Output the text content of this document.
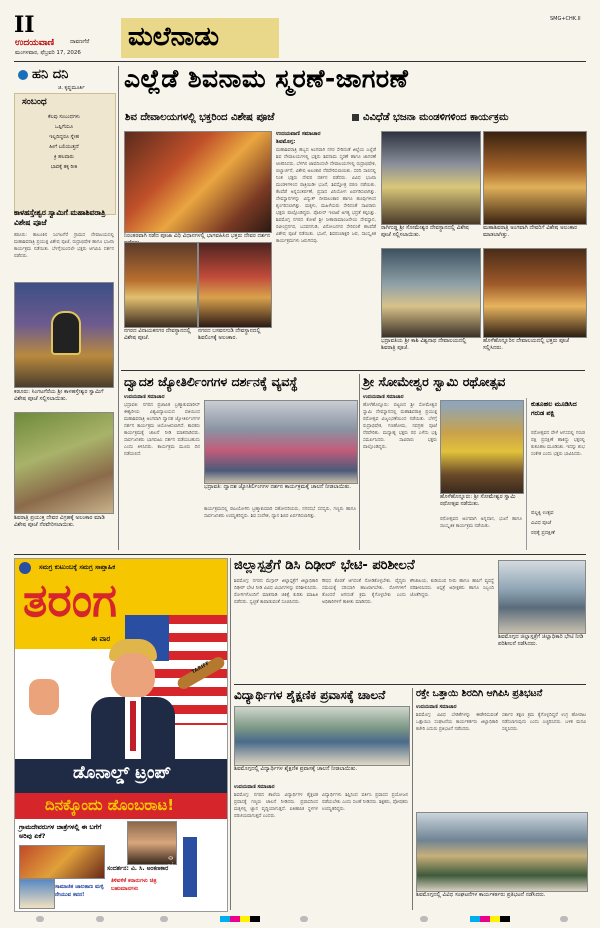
II
ಉದಯವಾಣಿ	ದಾವಣಗೆರೆ
ಮಂಗಳವಾರ, ಫೆಬ್ರವರಿ 17, 2026
ಮಲೆನಾಡು
SMG+CHK.II
ಹನಿ ದನಿ
ಜಿ. ಕೃಷ್ಣಮೂರ್ತಿ
ಸಂಬಂಧ
ಕೆಲವು ಸಂಬಂಧಗಳು
ಒಪ್ಪಿಗೆಯೂ
ಇಲ್ಲದಿದ್ದರೂ ಸ್ನೇಹ
ಹೀಗೆ ಬಲಿಯುತ್ತದೆ
ಕ್ರಿ ಹಲವಾರು
ಭಾವಕ್ಕೆ ತಕ್ಕ ರೀತಿ
ಕಾಳಹಸ್ತೇಶ್ವರ ಸ್ವಾಮಿಗೆ ಮಹಾಶಿವರಾತ್ರಿ ವಿಶೇಷ ಪೂಜೆ
ಕಡೂರು: ತಾಲೂಕಿನ ಸಿಂಗಟಗೆರೆ ಗ್ರಾಮದ ದೇವಾಲಯದಲ್ಲಿ ಮಹಾಶಿವರಾತ್ರಿ ಪ್ರಯುಕ್ತ ವಿಶೇಷ ಪೂಜೆ, ರುದ್ರಾಭಿಷೇಕ ಹಾಗೂ ಭಜನಾ ಕಾರ್ಯಕ್ರಮ ನಡೆಯಿತು. ಬೆಳಗ್ಗೆಯಿಂದಲೇ ಭಕ್ತರು ಆಗಮಿಸಿ ದರ್ಶನ ಪಡೆದರು.
ಕಡೂರು: ಸಿಂಗಟಗೆರೆಯ ಶ್ರೀ ಕಾಳಹಸ್ತೇಶ್ವರ ಸ್ವಾಮಿಗೆ ವಿಶೇಷ ಪೂಜೆ ಸಲ್ಲಿಸಲಾಯಿತು.
ಶಿವರಾತ್ರಿ ಪ್ರಯುಕ್ತ ದೇವರ ವಿಗ್ರಹಕ್ಕೆ ಅಲಂಕಾರ ಮಾಡಿ ವಿಶೇಷ ಪೂಜೆ ನೆರವೇರಿಸಲಾಯಿತು.
ಎಲ್ಲೆಡೆ ಶಿವನಾಮ ಸ್ಮರಣೆ-ಜಾಗರಣೆ
ಶಿವ ದೇವಾಲಯಗಳಲ್ಲಿ ಭಕ್ತರಿಂದ ವಿಶೇಷ ಪೂಜೆ	ವಿವಿಧೆಡೆ ಭಜನಾ ಮಂಡಳಿಗಳಿಂದ ಕಾರ್ಯಕ್ರಮ
ನಿರಂತರವಾಗಿ ನಡೆದ ಪೂಜಾ ವಿಧಿ ವಿಧಾನಗಳಲ್ಲಿ ಭಾಗವಹಿಸಿದ ಭಕ್ತರು ದೇವರ ದರ್ಶನ
ನಗರದ ವಿನಾಯಕನಗರ ದೇವಸ್ಥಾನದಲ್ಲಿ ವಿಶೇಷ ಪೂಜೆ.
ನಗರದ ಬಸವನಗುಡಿ ದೇವಸ್ಥಾನದಲ್ಲಿ ಶಿವಲಿಂಗಕ್ಕೆ ಅಲಂಕಾರ.
ಉದಯವಾಣಿ ಸಮಾಚಾರ
ಶಿವಮೊಗ್ಗ:
ಮಹಾಶಿವರಾತ್ರಿ ಹಬ್ಬದ ಅಂಗವಾಗಿ ನಗರ ಸೇರಿದಂತೆ ಜಿಲ್ಲೆಯ ಎಲ್ಲೆಡೆ ಶಿವ ದೇವಾಲಯಗಳಲ್ಲಿ ಭಕ್ತರು ಶಿವನಾಮ ಸ್ಮರಣೆ ಹಾಗೂ ಜಾಗರಣೆ ಆಚರಿಸಿದರು. ಬೆಳಗಿನ ಜಾವದಿಂದಲೇ ದೇವಾಲಯಗಳಲ್ಲಿ ರುದ್ರಾಭಿಷೇಕ, ಬಿಲ್ವಾರ್ಚನೆ, ವಿಶೇಷ ಅಲಂಕಾರ ನೆರವೇರಿಸಲಾಯಿತು. ಸರದಿ ಸಾಲಿನಲ್ಲಿ ನಿಂತ ಭಕ್ತರು ದೇವರ ದರ್ಶನ ಪಡೆದರು. ವಿವಿಧ ಭಜನಾ ಮಂಡಳಿಗಳಿಂದ ರಾತ್ರಿಯಿಡೀ ಭಜನೆ, ಶಿವಸ್ತೋತ್ರ ಪಠಣ ನಡೆಯಿತು. ಕೆಲವೆಡೆ ಅನ್ನಸಂತರ್ಪಣೆ, ಪ್ರಸಾದ ವಿನಿಯೋಗ ಏರ್ಪಡಿಸಲಾಗಿತ್ತು. ದೇವಸ್ಥಾನಗಳನ್ನು ವಿದ್ಯುತ್ ದೀಪಾಲಂಕಾರ ಹಾಗೂ ಹೂವುಗಳಿಂದ ಶೃಂಗರಿಸಲಾಗಿತ್ತು. ಮಕ್ಕಳು, ಮಹಿಳೆಯರು ಸೇರಿದಂತೆ ಸಾವಿರಾರು ಭಕ್ತರು ಪಾಲ್ಗೊಂಡಿದ್ದರು. ಪೊಲೀಸ್ ಇಲಾಖೆ ಅಗತ್ಯ ಭದ್ರತೆ ಕಲ್ಪಿಸಿತ್ತು. ಶಿವಮೊಗ್ಗ ನಗರದ ಕೋಟೆ ಶ್ರೀ ಸೀತಾರಾಮಾಂಜನೇಯ ದೇವಸ್ಥಾನ, ರವೀಂದ್ರನಗರ, ಬಸವನಗುಡಿ, ವಿನೋಬನಗರ ಸೇರಿದಂತೆ ಹಲವೆಡೆ ವಿಶೇಷ ಪೂಜೆ ನಡೆಯಿತು. ಭಜನೆ, ಶಿವಪಂಚಾಕ್ಷರಿ ಜಪ, ಸಾಂಸ್ಕೃತಿಕ ಕಾರ್ಯಕ್ರಮಗಳು ಜರುಗಿದವು.
ರಾಗಿಗುಡ್ಡ ಶ್ರೀ ಸೋಮೇಶ್ವರ ದೇವಸ್ಥಾನದಲ್ಲಿ ವಿಶೇಷ ಪೂಜೆ ಸಲ್ಲಿಸಲಾಯಿತು.
ಮಹಾಶಿವರಾತ್ರಿ ಅಂಗವಾಗಿ ದೇವರಿಗೆ ವಿಶೇಷ ಅಲಂಕಾರ ಮಾಡಲಾಗಿತ್ತು.
ಭದ್ರಾವತಿಯ ಶ್ರೀ ಕಾಶಿ ವಿಶ್ವನಾಥ ದೇವಾಲಯದಲ್ಲಿ ಶಿವರಾತ್ರಿ ಪೂಜೆ.
ಹೊಳೆಹೊನ್ನೂರಿನ ದೇವಾಲಯದಲ್ಲಿ ಭಕ್ತರು ಪೂಜೆ ಸಲ್ಲಿಸಿದರು.
ದ್ವಾದಶ ಜ್ಯೋತಿರ್ಲಿಂಗಗಳ ದರ್ಶನಕ್ಕೆ ವ್ಯವಸ್ಥೆ
ಉದಯವಾಣಿ ಸಮಾಚಾರ
ಭದ್ರಾವತಿ: ನಗರದ ಪ್ರಜಾಪಿತ ಬ್ರಹ್ಮಾಕುಮಾರೀಸ್ ಈಶ್ವರೀಯ ವಿಶ್ವವಿದ್ಯಾಲಯದ ವತಿಯಿಂದ ಮಹಾಶಿವರಾತ್ರಿ ಅಂಗವಾಗಿ ದ್ವಾದಶ ಜ್ಯೋತಿರ್ಲಿಂಗಗಳ ದರ್ಶನ ಕಾರ್ಯಕ್ರಮ ಆಯೋಜಿಸಲಾಗಿದೆ. ಶಾಸಕರು ಕಾರ್ಯಕ್ರಮಕ್ಕೆ ಚಾಲನೆ ನೀಡಿ ಮಾತನಾಡಿದರು. ಸಾರ್ವಜನಿಕರು ಭಾಗವಹಿಸಿ ದರ್ಶನ ಪಡೆಯಬಹುದು ಎಂದು ತಿಳಿಸಿದರು. ಕಾರ್ಯಕ್ರಮ ಮೂರು ದಿನ ನಡೆಯಲಿದೆ.
ಭದ್ರಾವತಿ: ದ್ವಾದಶ ಜ್ಯೋತಿರ್ಲಿಂಗಗಳ ದರ್ಶನ ಕಾರ್ಯಕ್ರಮಕ್ಕೆ ಚಾಲನೆ ನೀಡಲಾಯಿತು.
ಕಾರ್ಯಕ್ರಮದಲ್ಲಿ ರಾಜಯೋಗಿನಿ ಬ್ರಹ್ಮಾಕುಮಾರಿ ಸಹೋದರಿಯರು, ನಗರಸಭೆ ಸದಸ್ಯರು, ಗಣ್ಯರು ಹಾಗೂ ಸಾರ್ವಜನಿಕರು ಉಪಸ್ಥಿತರಿದ್ದರು. ಶಿವ ಸಂದೇಶ, ಧ್ಯಾನ ಶಿಬಿರ ಏರ್ಪಡಿಸಲಾಗಿತ್ತು.
ಶ್ರೀ ಸೋಮೇಶ್ವರ ಸ್ವಾಮಿ ರಥೋತ್ಸವ
ಉದಯವಾಣಿ ಸಮಾಚಾರ
ಹೊಳೆಹೊನ್ನೂರು: ಪಟ್ಟಣದ ಶ್ರೀ ಸೋಮೇಶ್ವರ ಸ್ವಾಮಿ ದೇವಸ್ಥಾನದಲ್ಲಿ ಮಹಾಶಿವರಾತ್ರಿ ಪ್ರಯುಕ್ತ ರಥೋತ್ಸವ ವಿಜೃಂಭಣೆಯಿಂದ ನಡೆಯಿತು. ಬೆಳಗ್ಗೆ ರುದ್ರಾಭಿಷೇಕ, ಗಣಹೋಮ, ನವಗ್ರಹ ಪೂಜೆ ನೆರವೇರಿತು. ಮಧ್ಯಾಹ್ನ ಭಕ್ತರು ರಥ ಎಳೆದು ಭಕ್ತಿ ಸಮರ್ಪಿಸಿದರು. ಸಾವಿರಾರು ಭಕ್ತರು ಪಾಲ್ಗೊಂಡಿದ್ದರು.
ಹೊಳೆಹೊನ್ನೂರು: ಶ್ರೀ ಸೋಮೇಶ್ವರ ಸ್ವಾಮಿ ರಥೋತ್ಸವ ನಡೆಯಿತು.
ರಥೋತ್ಸವದ ಅಂಗವಾಗಿ ಅನ್ನದಾನ, ಭಜನೆ ಹಾಗೂ ಸಾಂಸ್ಕೃತಿಕ ಕಾರ್ಯಕ್ರಮ ನಡೆಯಿತು.
ಕುತೂಹಲ ಮೂಡಿಸಿದ ಗರುಡ ಪಕ್ಷಿ
ರಥೋತ್ಸವದ ವೇಳೆ ಆಗಸದಲ್ಲಿ ಗರುಡ ಪಕ್ಷಿ ಪ್ರದಕ್ಷಿಣೆ ಹಾಕಿದ್ದು ಭಕ್ತರಲ್ಲಿ ಕುತೂಹಲ ಮೂಡಿಸಿತು. ಇದನ್ನು ಶುಭ ಸಂಕೇತ ಎಂದು ಭಕ್ತರು ಭಾವಿಸಿದರು.
ಪಲ್ಲಕ್ಕಿ ಉತ್ಸವ
ವಿವಿಧ ಪೂಜೆ
ರಥಕ್ಕೆ ಪ್ರದಕ್ಷಿಣೆ
ಸಮಗ್ರ ಕುಟುಂಬಕ್ಕೆ ಸಮಗ್ರ ಸಾಪ್ತಾಹಿಕ
ತರಂಗ
ಈ ವಾರ
TARIFF
ಡೊನಾಲ್ಡ್ ಟ್ರಂಪ್
ದಿನಕ್ಕೊಂದು ಡೊಂಬರಾಟ!
ಗ್ರಾಮದೇವರುಗಳ ಜಾತ್ರೆಗಳಲ್ಲಿ ಈ ಬಗೆಗೆ ಅರಿವು ಏಕೆ?
ಸಂದರ್ಶನ: ವಿ. ಸಿ. ಅಂಕಣಕಾರ
ತಿಳಿವಳಿಕೆ ಕರಾರುಗಳು ಚಿತ್ರ ಬಹುಮಾನಗಳು
ಸಾಮಾಜಿಕ ಜಾಲತಾಣ ಮಳ್ಳಿ ನೇಯುವ ಕವನ!
ಬೆಲೆ ₹. 0
ಜಿಲ್ಲಾಸ್ಪತ್ರೆಗೆ ಡಿಸಿ ದಿಢೀರ್ ಭೇಟಿ- ಪರಿಶೀಲನೆ
ಶಿವಮೊಗ್ಗ: ನಗರದ ಮೆಗ್ಗಾನ್ ಜಿಲ್ಲಾಸ್ಪತ್ರೆಗೆ ಜಿಲ್ಲಾಧಿಕಾರಿ ದಿಢೀರ್ ಭೇಟಿ ನೀಡಿ ವಿವಿಧ ವಿಭಾಗಗಳನ್ನು ಪರಿಶೀಲಿಸಿದರು. ರೋಗಿಗಳೊಂದಿಗೆ ಮಾತನಾಡಿ ಚಿಕಿತ್ಸೆ ಕುರಿತು ಮಾಹಿತಿ ಪಡೆದರು. ಸ್ವಚ್ಛತೆ ಕಾಪಾಡುವಂತೆ ಸೂಚಿಸಿದರು.
ಔಷಧ ಕೊರತೆ ಆಗದಂತೆ ನೋಡಿಕೊಳ್ಳಬೇಕು. ವೈದ್ಯರು ಸಮಯಕ್ಕೆ ಸರಿಯಾಗಿ ಹಾಜರಾಗಬೇಕು. ರೋಗಿಗಳಿಗೆ ತೊಂದರೆ ಆಗದಂತೆ ಕ್ರಮ ಕೈಗೊಳ್ಳಬೇಕು ಎಂದು ಅಧಿಕಾರಿಗಳಿಗೆ ತಾಕೀತು ಮಾಡಿದರು.
ಶೌಚಾಲಯ, ಕುಡಿಯುವ ನೀರು ಹಾಗೂ ಹಾಸಿಗೆ ವ್ಯವಸ್ಥೆ ಪರಿಶೀಲಿಸಿದರು. ಆಸ್ಪತ್ರೆ ಅಧೀಕ್ಷಕರು ಹಾಗೂ ಸಿಬ್ಬಂದಿ ಜೊತೆಗಿದ್ದರು.
ಶಿವಮೊಗ್ಗದ ಜಿಲ್ಲಾಸ್ಪತ್ರೆಗೆ ಜಿಲ್ಲಾಧಿಕಾರಿ ಭೇಟಿ ನೀಡಿ ಪರಿಶೀಲನೆ ನಡೆಸಿದರು.
ವಿದ್ಯಾರ್ಥಿಗಳ ಶೈಕ್ಷಣಿಕ ಪ್ರವಾಸಕ್ಕೆ ಚಾಲನೆ
ಶಿವಮೊಗ್ಗದಲ್ಲಿ ವಿದ್ಯಾರ್ಥಿಗಳ ಶೈಕ್ಷಣಿಕ ಪ್ರವಾಸಕ್ಕೆ ಚಾಲನೆ ನೀಡಲಾಯಿತು.
ಉದಯವಾಣಿ ಸಮಾಚಾರ
ಶಿವಮೊಗ್ಗ: ನಗರದ ಶಾಲೆಯ ವಿದ್ಯಾರ್ಥಿಗಳ ಶೈಕ್ಷಣಿಕ ಪ್ರವಾಸಕ್ಕೆ ಗಣ್ಯರು ಚಾಲನೆ ನೀಡಿದರು. ಪ್ರವಾಸದಿಂದ ಮಕ್ಕಳಲ್ಲಿ ಜ್ಞಾನ ವೃದ್ಧಿಯಾಗುತ್ತದೆ. ಐತಿಹಾಸಿಕ ಸ್ಥಳಗಳ ಪರಿಚಯವಾಗುತ್ತದೆ ಎಂದರು.
ವಿದ್ಯಾರ್ಥಿಗಳು ಶಿಸ್ತಿನಿಂದ ವರ್ತಿಸಿ ಪ್ರವಾಸದ ಪ್ರಯೋಜನ ಪಡೆಯಬೇಕು ಎಂದು ಸಲಹೆ ನೀಡಿದರು. ಶಿಕ್ಷಕರು, ಪೋಷಕರು ಉಪಸ್ಥಿತರಿದ್ದರು.
ರಕ್ತೇ ಒತ್ತಾಯಿ ಶಿರದಿಗಿ ಆಗಿಪಿಸಿ ಪ್ರತಿಭಟನೆ
ಉದಯವಾಣಿ ಸಮಾಚಾರ
ಶಿವಮೊಗ್ಗ: ವಿವಿಧ ಬೇಡಿಕೆಗಳನ್ನು ಈಡೇರಿಸುವಂತೆ ಒತ್ತಾಯಿಸಿ ಸಂಘಟನೆಯ ಕಾರ್ಯಕರ್ತರು ಜಿಲ್ಲಾಧಿಕಾರಿ ಕಚೇರಿ ಎದುರು ಪ್ರತಿಭಟನೆ ನಡೆಸಿದರು.
ಸರ್ಕಾರ ತಕ್ಷಣ ಕ್ರಮ ಕೈಗೊಳ್ಳದಿದ್ದರೆ ಉಗ್ರ ಹೋರಾಟ ನಡೆಸಲಾಗುವುದು ಎಂದು ಎಚ್ಚರಿಸಿದರು. ಬಳಿಕ ಮನವಿ ಸಲ್ಲಿಸಿದರು.
ಶಿವಮೊಗ್ಗದಲ್ಲಿ ವಿವಿಧ ಸಂಘಟನೆಗಳ ಕಾರ್ಯಕರ್ತರು ಪ್ರತಿಭಟನೆ ನಡೆಸಿದರು.
